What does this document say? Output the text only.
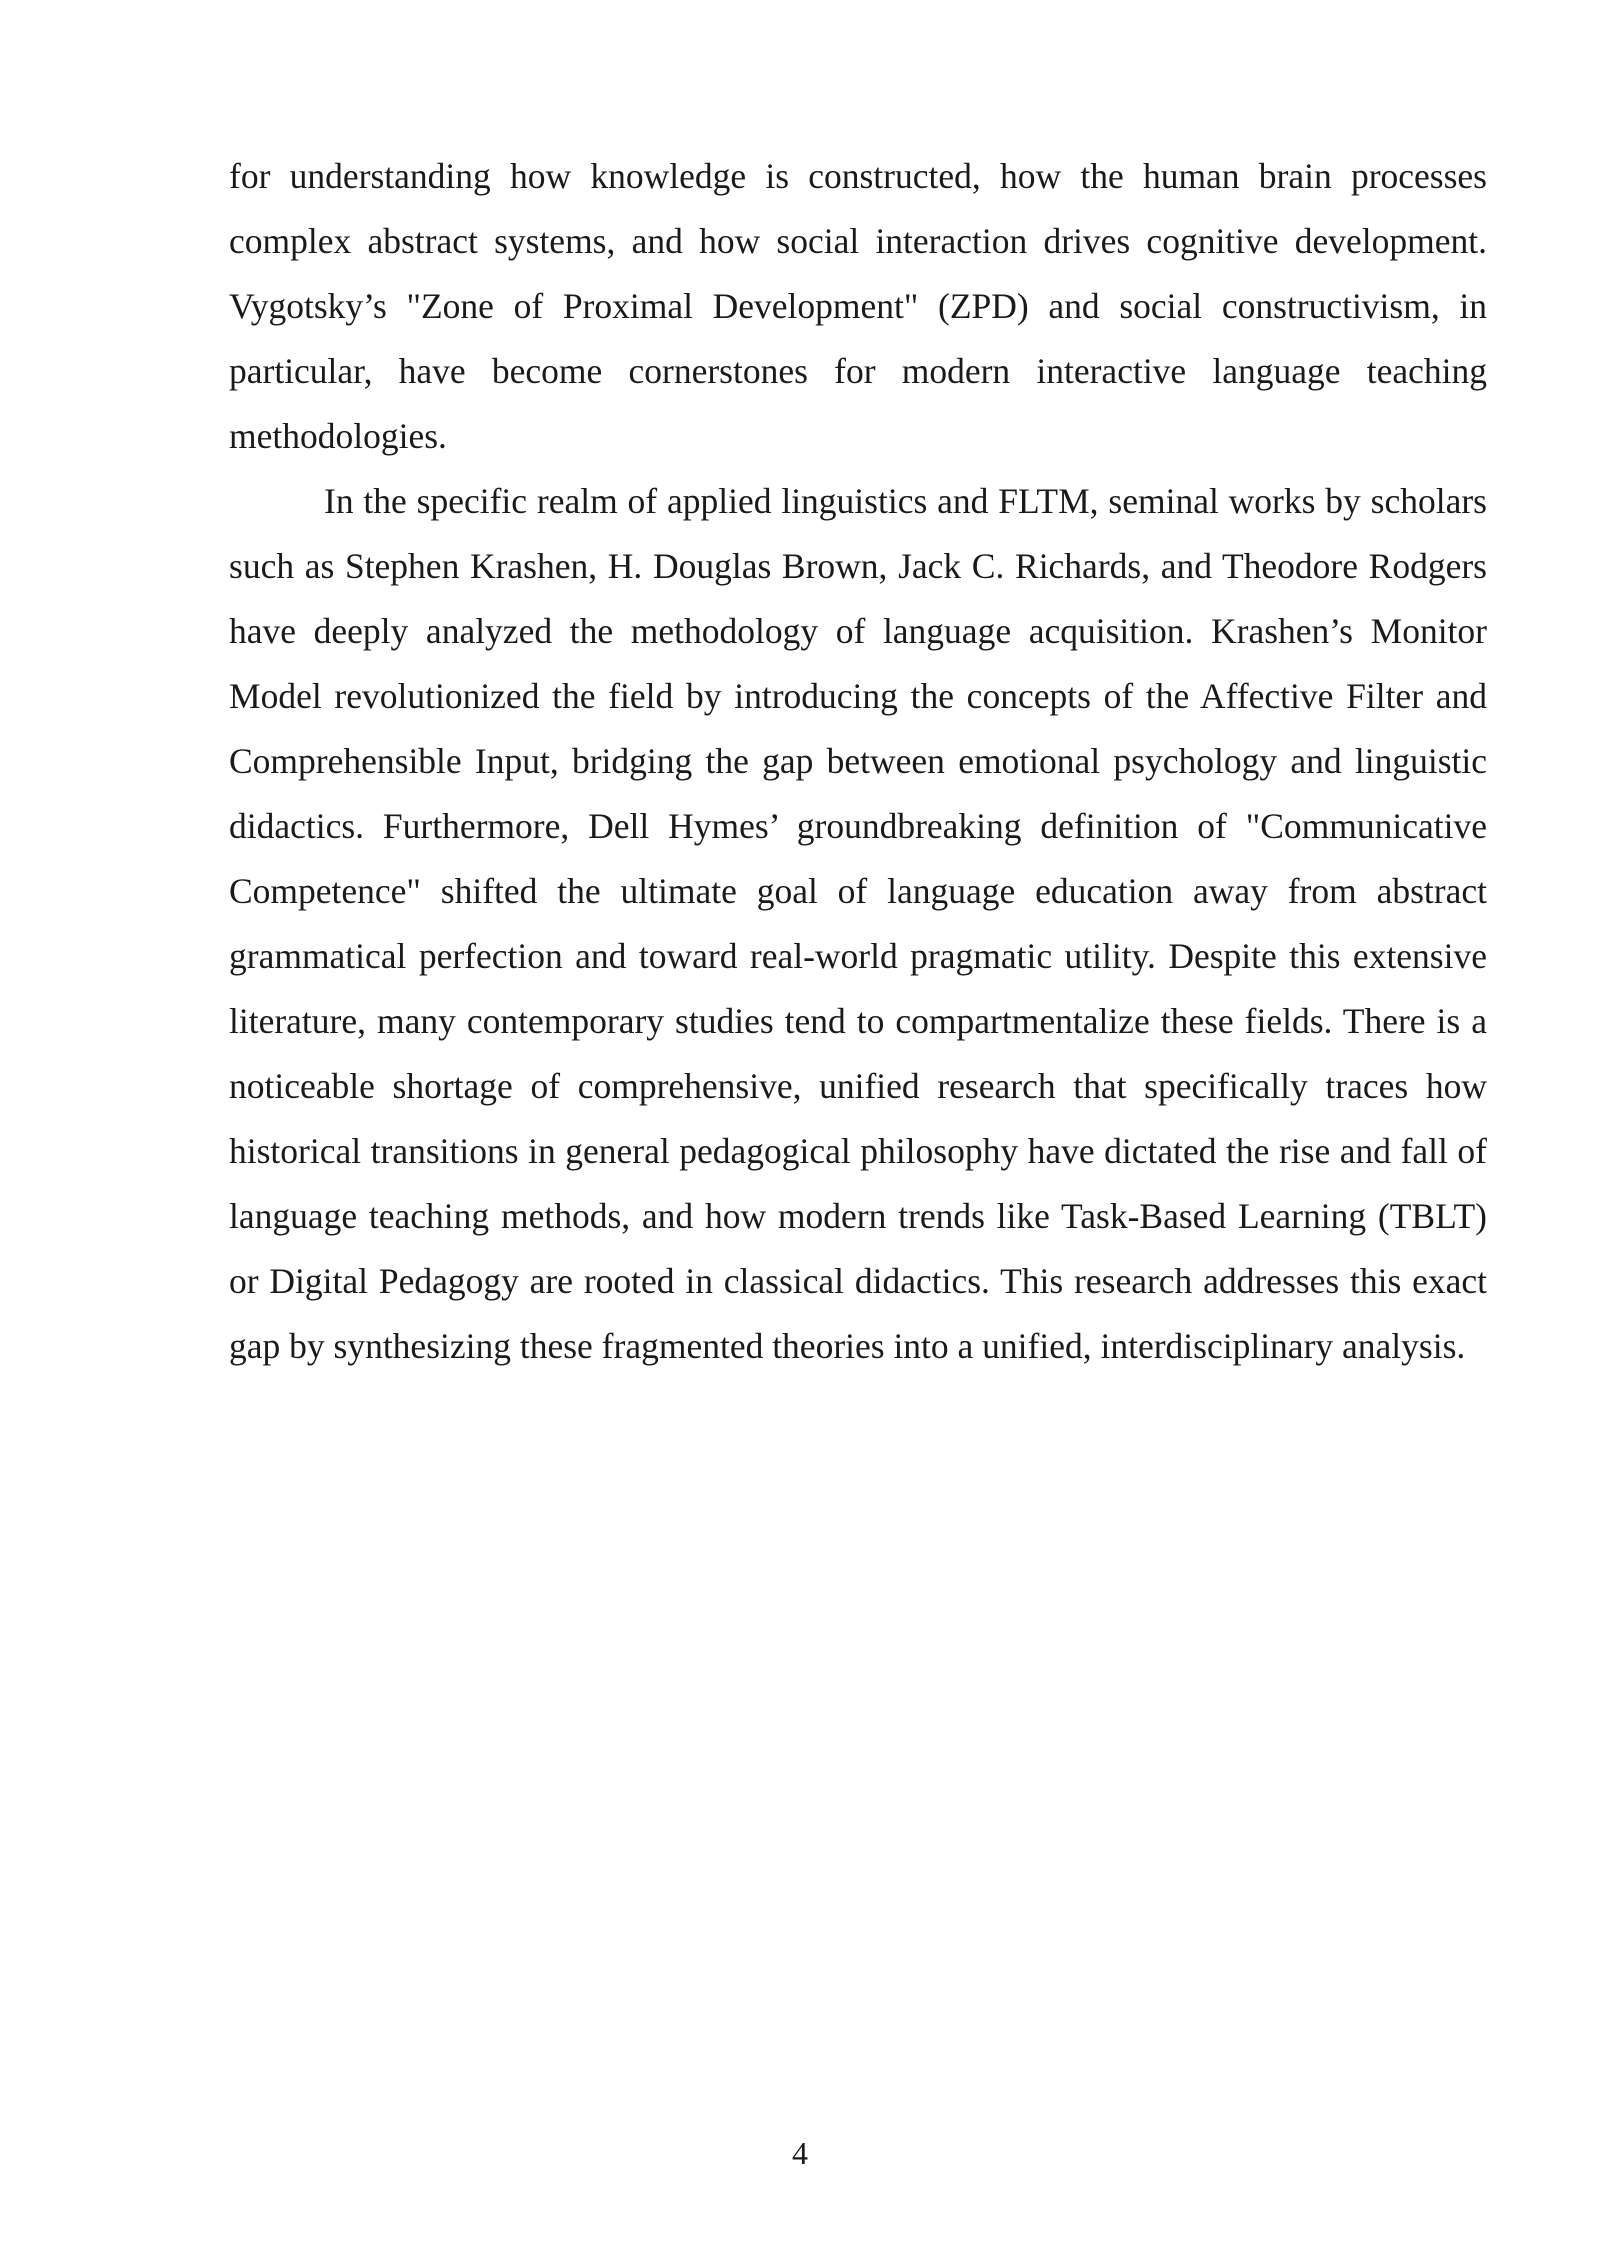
for understanding how knowledge is constructed, how the human brain processes complex abstract systems, and how social interaction drives cognitive development. Vygotsky’s "Zone of Proximal Development" (ZPD) and social constructivism, in particular, have become cornerstones for modern interactive language teaching methodologies.

In the specific realm of applied linguistics and FLTM, seminal works by scholars such as Stephen Krashen, H. Douglas Brown, Jack C. Richards, and Theodore Rodgers have deeply analyzed the methodology of language acquisition. Krashen’s Monitor Model revolutionized the field by introducing the concepts of the Affective Filter and Comprehensible Input, bridging the gap between emotional psychology and linguistic didactics. Furthermore, Dell Hymes’ groundbreaking definition of "Communicative Competence" shifted the ultimate goal of language education away from abstract grammatical perfection and toward real-world pragmatic utility. Despite this extensive literature, many contemporary studies tend to compartmentalize these fields. There is a noticeable shortage of comprehensive, unified research that specifically traces how historical transitions in general pedagogical philosophy have dictated the rise and fall of language teaching methods, and how modern trends like Task-Based Learning (TBLT) or Digital Pedagogy are rooted in classical didactics. This research addresses this exact gap by synthesizing these fragmented theories into a unified, interdisciplinary analysis.

4
